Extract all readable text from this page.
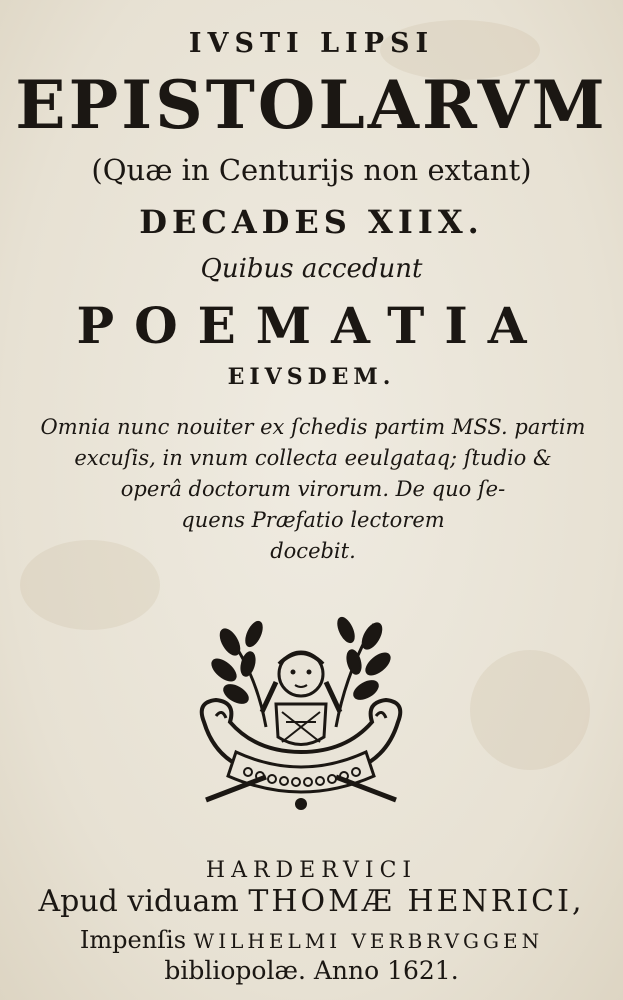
IVSTI LIPSI
EPISTOLARVM
(Quæ in Centurijs non extant)
DECADES XIIX.
Quibus accedunt
POEMATIA
EIVSDEM.
Omnia nunc nouiter ex ſchedis partim MSS. partim
excuſis, in vnum collecta eeulgataq; ſtudio &
operâ doctorum virorum. De quo ſe-
quens Præfatio lectorem
docebit.
HARDERVICI
Apud viduam THOMÆ HENRICI,
Impenſis WILHELMI VERBRVGGEN
bibliopolæ. Anno 1621.
